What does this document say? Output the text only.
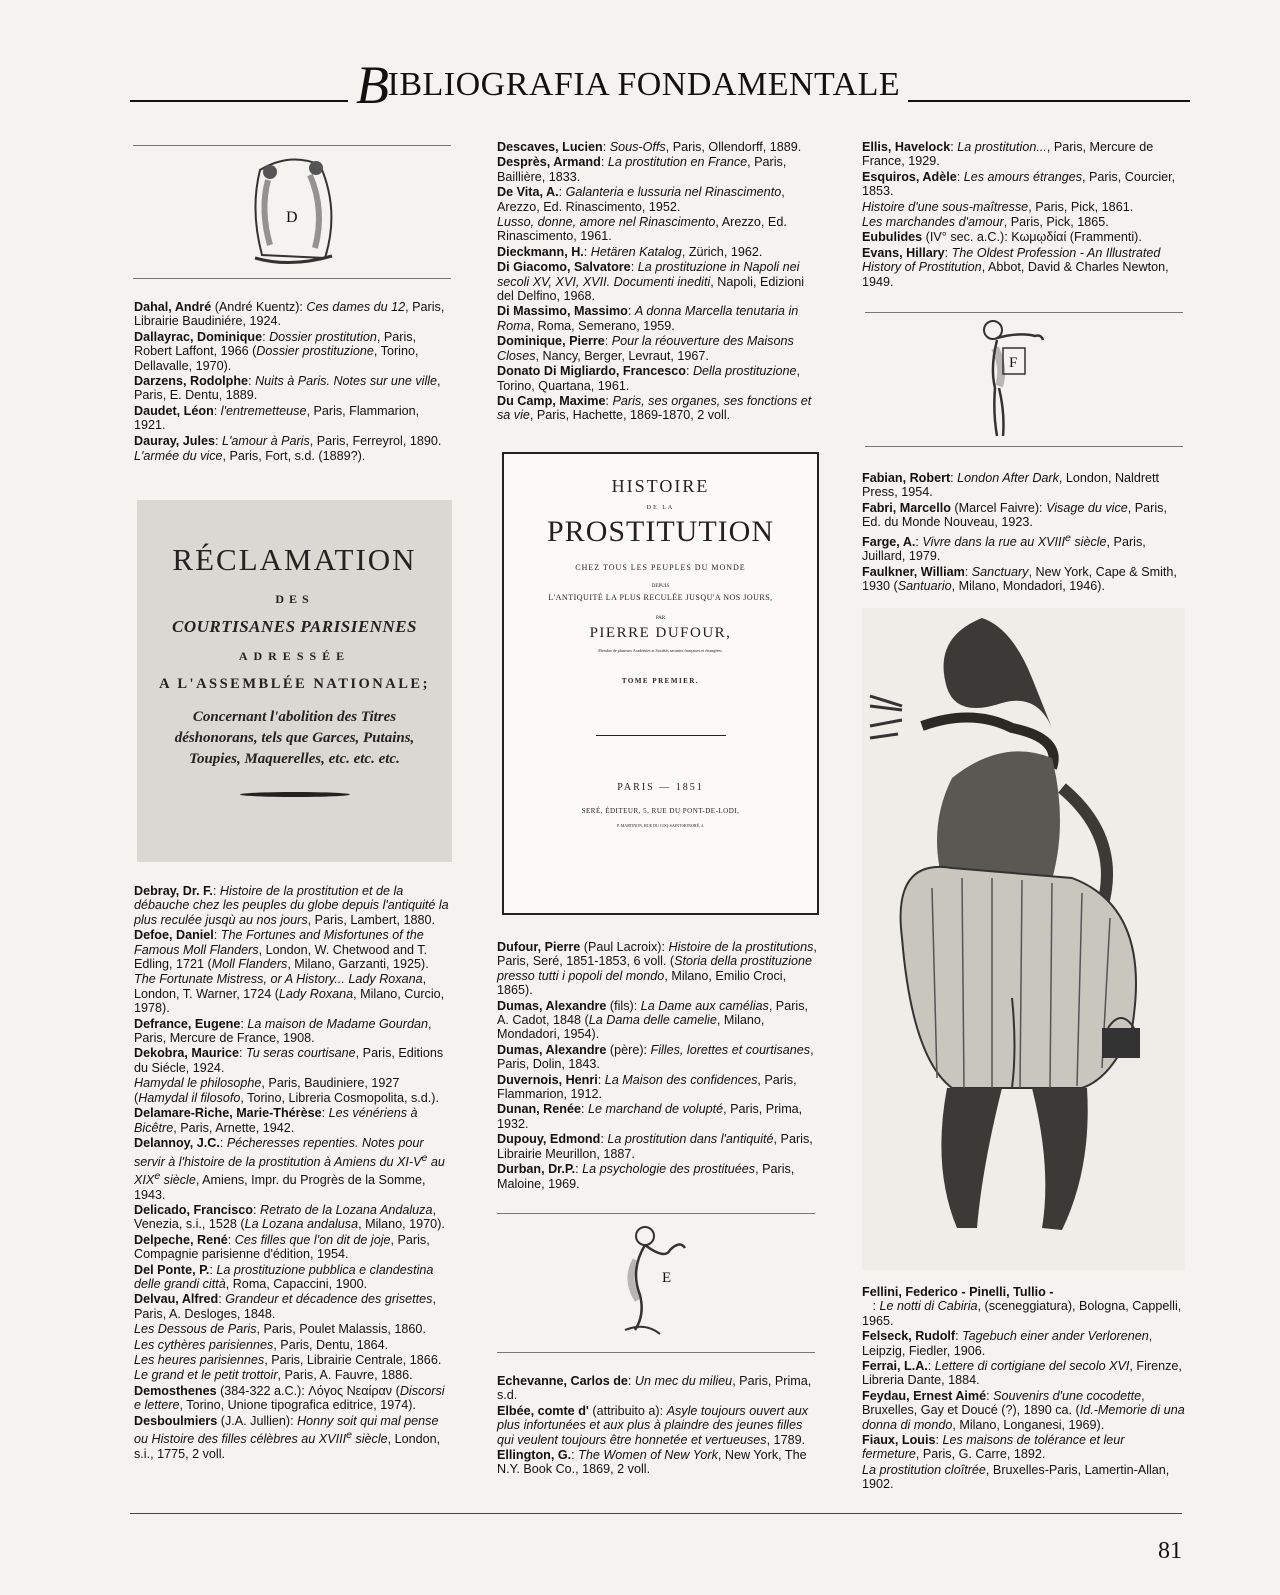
BIBLIOGRAFIA FONDAMENTALE
D
Dahal, André (André Kuentz): Ces dames du 12, Paris, Librairie Baudiniére, 1924.
Dallayrac, Dominique: Dossier prostitution, Paris, Robert Laffont, 1966 (Dossier prostituzione, Torino, Dellavalle, 1970).
Darzens, Rodolphe: Nuits à Paris. Notes sur une ville, Paris, E. Dentu, 1889.
Daudet, Léon: l'entremetteuse, Paris, Flammarion, 1921.
Dauray, Jules: L'amour à Paris, Paris, Ferreyrol, 1890.
L'armée du vice, Paris, Fort, s.d. (1889?).
RÉCLAMATION
DES
COURTISANES PARISIENNES
ADRESSÉE
A L'ASSEMBLÉE NATIONALE;
Concernant l'abolition des Titres déshonorans, tels que Garces, Putains, Toupies, Maquerelles, etc. etc. etc.
Debray, Dr. F.: Histoire de la prostitution et de la débauche chez les peuples du globe depuis l'antiquité la plus reculée jusqù au nos jours, Paris, Lambert, 1880.
Defoe, Daniel: The Fortunes and Misfortunes of the Famous Moll Flanders, London, W. Chetwood and T. Edling, 1721 (Moll Flanders, Milano, Garzanti, 1925).
The Fortunate Mistress, or A History... Lady Roxana, London, T. Warner, 1724 (Lady Roxana, Milano, Curcio, 1978).
Defrance, Eugene: La maison de Madame Gourdan, Paris, Mercure de France, 1908.
Dekobra, Maurice: Tu seras courtisane, Paris, Editions du Siécle, 1924.
Hamydal le philosophe, Paris, Baudiniere, 1927 (Hamydal il filosofo, Torino, Libreria Cosmopolita, s.d.).
Delamare-Riche, Marie-Thérèse: Les vénériens à Bicêtre, Paris, Arnette, 1942.
Delannoy, J.C.: Pécheresses repenties. Notes pour servir à l'histoire de la prostitution à Amiens du XI-Ve au XIXe siècle, Amiens, Impr. du Progrès de la Somme, 1943.
Delicado, Francisco: Retrato de la Lozana Andaluza, Venezia, s.i., 1528 (La Lozana andalusa, Milano, 1970).
Delpeche, René: Ces filles que l'on dit de joje, Paris, Compagnie parisienne d'édition, 1954.
Del Ponte, P.: La prostituzione pubblica e clandestina delle grandi città, Roma, Capaccini, 1900.
Delvau, Alfred: Grandeur et décadence des grisettes, Paris, A. Desloges, 1848.
Les Dessous de Paris, Paris, Poulet Malassis, 1860.
Les cythères parisiennes, Paris, Dentu, 1864.
Les heures parisiennes, Paris, Librairie Centrale, 1866.
Le grand et le petit trottoir, Paris, A. Fauvre, 1886.
Demosthenes (384-322 a.C.): Λόγος Νεαίραν (Discorsi e lettere, Torino, Unione tipografica editrice, 1974).
Desboulmiers (J.A. Jullien): Honny soit qui mal pense ou Histoire des filles célèbres au XVIIIe siècle, London, s.i., 1775, 2 voll.
Descaves, Lucien: Sous-Offs, Paris, Ollendorff, 1889.
Desprès, Armand: La prostitution en France, Paris, Baillière, 1833.
De Vita, A.: Galanteria e lussuria nel Rinascimento, Arezzo, Ed. Rinascimento, 1952.
Lusso, donne, amore nel Rinascimento, Arezzo, Ed. Rinascimento, 1961.
Dieckmann, H.: Hetären Katalog, Zürich, 1962.
Di Giacomo, Salvatore: La prostituzione in Napoli nei secoli XV, XVI, XVII. Documenti inediti, Napoli, Edizioni del Delfino, 1968.
Di Massimo, Massimo: A donna Marcella tenutaria in Roma, Roma, Semerano, 1959.
Dominique, Pierre: Pour la réouverture des Maisons Closes, Nancy, Berger, Levraut, 1967.
Donato Di Migliardo, Francesco: Della prostituzione, Torino, Quartana, 1961.
Du Camp, Maxime: Paris, ses organes, ses fonctions et sa vie, Paris, Hachette, 1869-1870, 2 voll.
HISTOIRE
DE LA
PROSTITUTION
CHEZ TOUS LES PEUPLES DU MONDE
DEPUIS
L'ANTIQUITÉ LA PLUS RECULÉE JUSQU'A NOS JOURS,
PAR
PIERRE DUFOUR,
Membre de plusieurs Académies et Sociétés savantes françaises et étrangères.
TOME PREMIER.
PARIS — 1851
SERÉ, ÉDITEUR, 5, RUE DU PONT-DE-LODI,
P. MARTINON, RUE DU COQ-SAINT-HONORÉ, 4.
Dufour, Pierre (Paul Lacroix): Histoire de la prostitutions, Paris, Seré, 1851-1853, 6 voll. (Storia della prostituzione presso tutti i popoli del mondo, Milano, Emilio Croci, 1865).
Dumas, Alexandre (fils): La Dame aux camélias, Paris, A. Cadot, 1848 (La Dama delle camelie, Milano, Mondadori, 1954).
Dumas, Alexandre (père): Filles, lorettes et courtisanes, Paris, Dolin, 1843.
Duvernois, Henri: La Maison des confidences, Paris, Flammarion, 1912.
Dunan, Renée: Le marchand de volupté, Paris, Prima, 1932.
Dupouy, Edmond: La prostitution dans l'antiquité, Paris, Librairie Meurillon, 1887.
Durban, Dr.P.: La psychologie des prostituées, Paris, Maloine, 1969.
E
Echevanne, Carlos de: Un mec du milieu, Paris, Prima, s.d.
Elbée, comte d' (attribuito a): Asyle toujours ouvert aux plus infortunées et aux plus à plaindre des jeunes filles qui veulent toujours être honnetée et vertueuses, 1789.
Ellington, G.: The Women of New York, New York, The N.Y. Book Co., 1869, 2 voll.
Ellis, Havelock: La prostitution..., Paris, Mercure de France, 1929.
Esquiros, Adèle: Les amours étranges, Paris, Courcier, 1853.
Histoire d'une sous-maîtresse, Paris, Pick, 1861.
Les marchandes d'amour, Paris, Pick, 1865.
Eubulides (IV° sec. a.C.): Κωμῳδίαί (Frammenti).
Evans, Hillary: The Oldest Profession - An Illustrated History of Prostitution, Abbot, David & Charles Newton, 1949.
F
Fabian, Robert: London After Dark, London, Naldrett Press, 1954.
Fabri, Marcello (Marcel Faivre): Visage du vice, Paris, Ed. du Monde Nouveau, 1923.
Farge, A.: Vivre dans la rue au XVIIIe siècle, Paris, Juillard, 1979.
Faulkner, William: Sanctuary, New York, Cape & Smith, 1930 (Santuario, Milano, Mondadori, 1946).
Fellini, Federico - Pinelli, Tullio -
: Le notti di Cabiria, (sceneggiatura), Bologna, Cappelli, 1965.
Felseck, Rudolf: Tagebuch einer ander Verlorenen, Leipzig, Fiedler, 1906.
Ferrai, L.A.: Lettere di cortigiane del secolo XVI, Firenze, Libreria Dante, 1884.
Feydau, Ernest Aimé: Souvenirs d'une cocodette, Bruxelles, Gay et Doucé (?), 1890 ca. (Id.-Memorie di una donna di mondo, Milano, Longanesi, 1969).
Fiaux, Louis: Les maisons de tolérance et leur fermeture, Paris, G. Carre, 1892.
La prostitution cloîtrée, Bruxelles-Paris, Lamertin-Allan, 1902.
81
